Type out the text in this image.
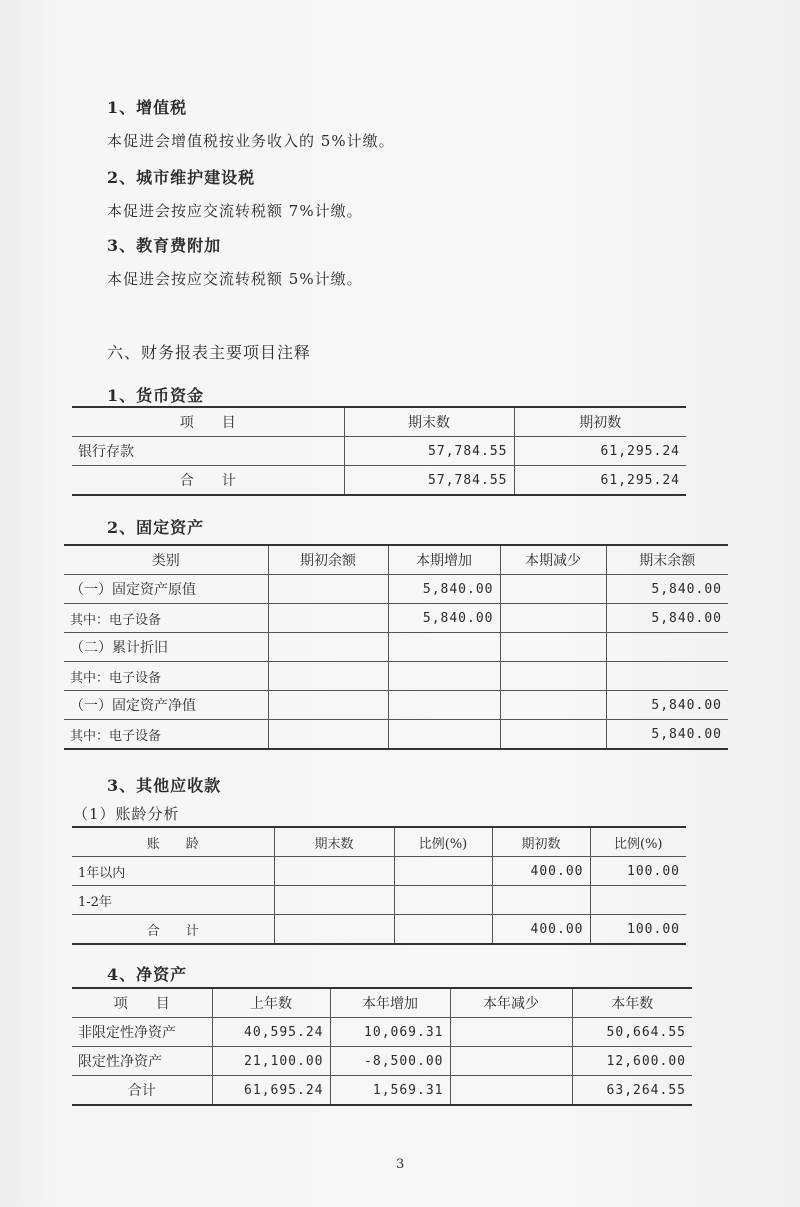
1、增值税
本促进会增值税按业务收入的 5%计缴。
2、城市维护建设税
本促进会按应交流转税额 7%计缴。
3、教育费附加
本促进会按应交流转税额 5%计缴。
六、财务报表主要项目注释
1、货币资金
项　　目	期末数	期初数
银行存款	57,784.55	61,295.24
合　　计	57,784.55	61,295.24
2、固定资产
类别	期初余额	本期增加	本期减少	期末余额
（一）固定资产原值		5,840.00		5,840.00
其中：电子设备		5,840.00		5,840.00
（二）累计折旧				
其中：电子设备				
（一）固定资产净值				5,840.00
其中：电子设备				5,840.00
3、其他应收款
（1）账龄分析
账　　龄	期末数	比例(%)	期初数	比例(%)
1年以内			400.00	100.00
1-2年				
合　　计			400.00	100.00
4、净资产
项　　目	上年数	本年增加	本年减少	本年数
非限定性净资产	40,595.24	10,069.31		50,664.55
限定性净资产	21,100.00	-8,500.00		12,600.00
合计	61,695.24	1,569.31		63,264.55
3
